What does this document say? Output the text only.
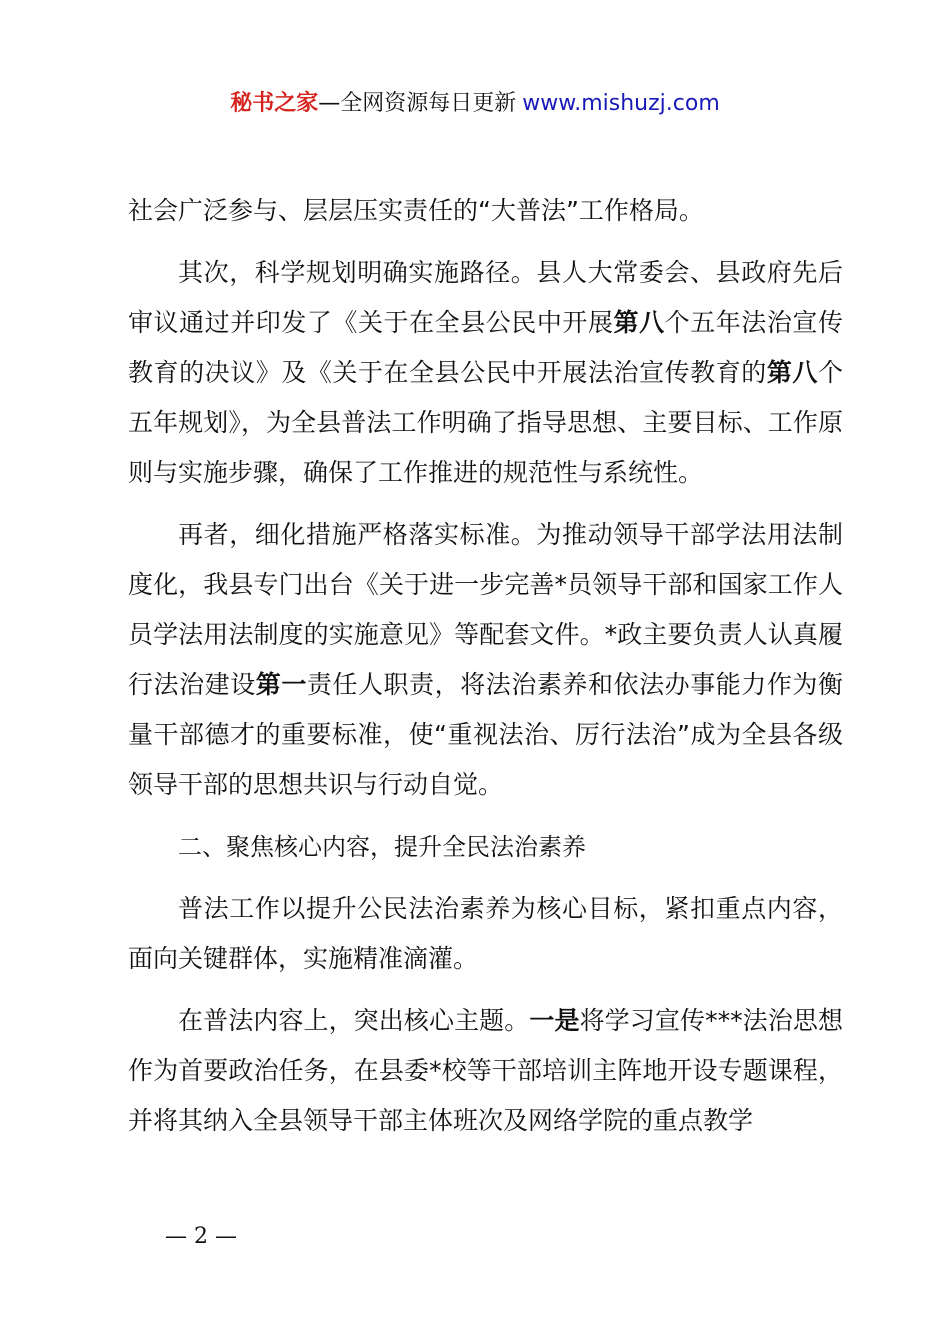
秘书之家—全网资源每日更新 www.mishuzj.com

社会广泛参与、层层压实责任的“大普法”工作格局。

其次，科学规划明确实施路径。县人大常委会、县政府先后审议通过并印发了《关于在全县公民中开展第八个五年法治宣传教育的决议》及《关于在全县公民中开展法治宣传教育的第八个五年规划》，为全县普法工作明确了指导思想、主要目标、工作原则与实施步骤，确保了工作推进的规范性与系统性。

再者，细化措施严格落实标准。为推动领导干部学法用法制度化，我县专门出台《关于进一步完善*员领导干部和国家工作人员学法用法制度的实施意见》等配套文件。*政主要负责人认真履行法治建设第一责任人职责，将法治素养和依法办事能力作为衡量干部德才的重要标准，使“重视法治、厉行法治”成为全县各级领导干部的思想共识与行动自觉。

二、聚焦核心内容，提升全民法治素养

普法工作以提升公民法治素养为核心目标，紧扣重点内容，面向关键群体，实施精准滴灌。

在普法内容上，突出核心主题。一是将学习宣传***法治思想作为首要政治任务，在县委*校等干部培训主阵地开设专题课程，并将其纳入全县领导干部主体班次及网络学院的重点教学

— 2 —
